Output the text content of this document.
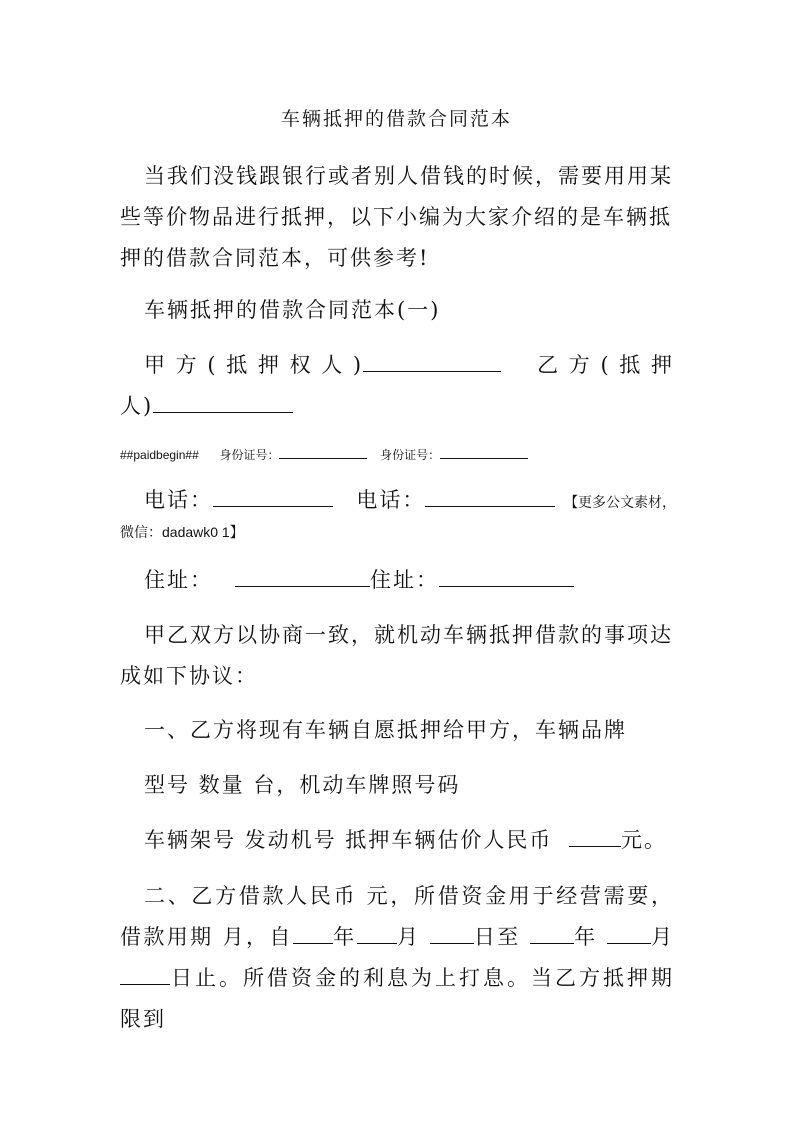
车辆抵押的借款合同范本
当我们没钱跟银行或者别人借钱的时候，需要用用某些等价物品进行抵押，以下小编为大家介绍的是车辆抵押的借款合同范本，可供参考!
车辆抵押的借款合同范本(一)
甲 方 ( 抵 押 权 人 )	乙 方 ( 抵 押
人)
##paidbegin## 身份证号：	身份证号：
电话：	电话：	【更多公文素材，
微信：dadawk0 1】
住址：	住址：
甲乙双方以协商一致，就机动车辆抵押借款的事项达成如下协议：
一、乙方将现有车辆自愿抵押给甲方，车辆品牌
型号 数量 台，机动车牌照号码
车辆架号 发动机号 抵押车辆估价人民币	元。
二、乙方借款人民币 元，所借资金用于经营需要，借款用期 月，自 年 月	日至	年	月 日止。所借资金的利息为上打息。当乙方抵押期限到
